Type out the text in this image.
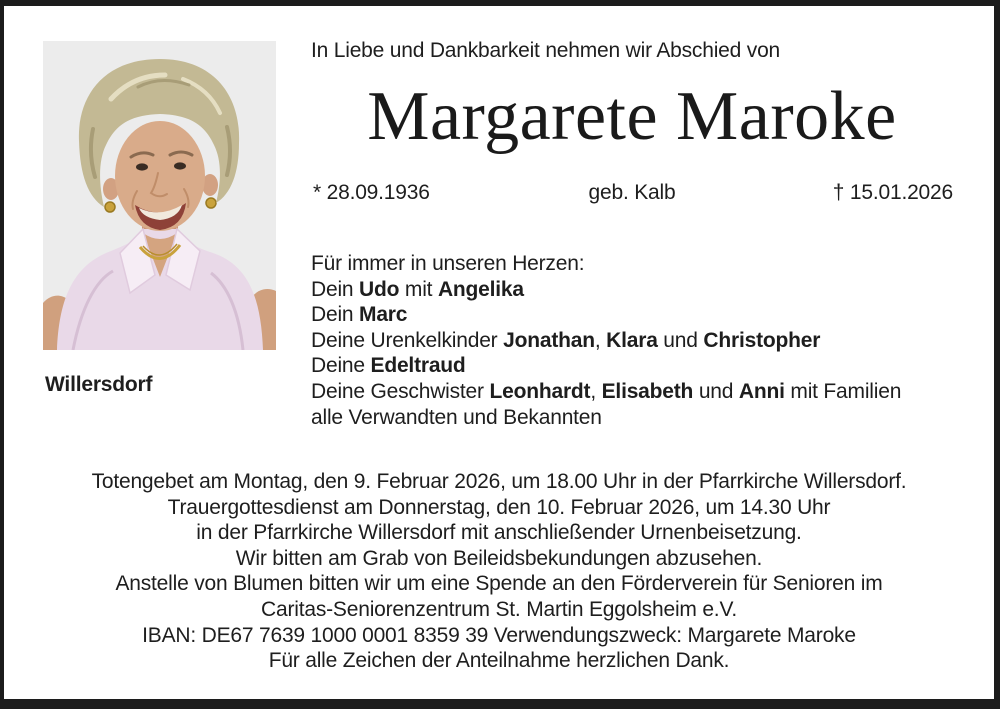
Willersdorf
In Liebe und Dankbarkeit nehmen wir Abschied von
Margarete Maroke
* 28.09.1936	geb. Kalb	† 15.01.2026
Für immer in unseren Herzen:
Dein Udo mit Angelika
Dein Marc
Deine Urenkelkinder Jonathan, Klara und Christopher
Deine Edeltraud
Deine Geschwister Leonhardt, Elisabeth und Anni mit Familien
alle Verwandten und Bekannten
Totengebet am Montag, den 9. Februar 2026, um 18.00 Uhr in der Pfarrkirche Willersdorf.
Trauergottesdienst am Donnerstag, den 10. Februar 2026, um 14.30 Uhr
in der Pfarrkirche Willersdorf mit anschließender Urnenbeisetzung.
Wir bitten am Grab von Beileidsbekundungen abzusehen.
Anstelle von Blumen bitten wir um eine Spende an den Förderverein für Senioren im
Caritas-Seniorenzentrum St. Martin Eggolsheim e.V.
IBAN: DE67 7639 1000 0001 8359 39 Verwendungszweck: Margarete Maroke
Für alle Zeichen der Anteilnahme herzlichen Dank.
